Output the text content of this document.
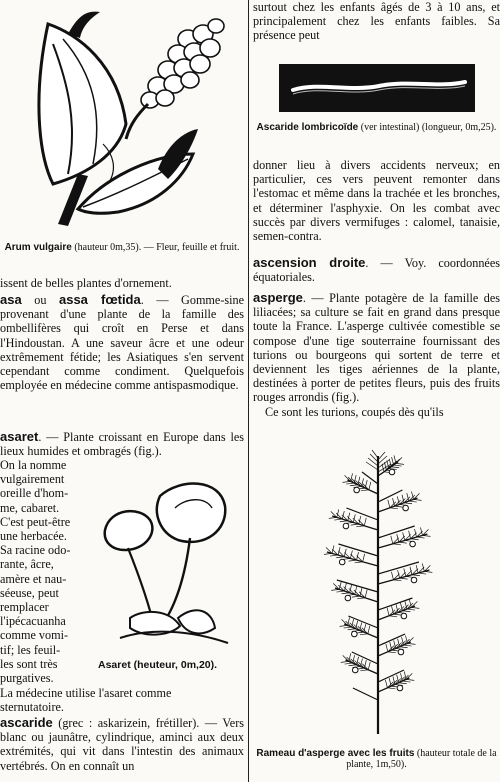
Arum vulgaire (hauteur 0m,35). — Fleur, feuille et fruit.

issent de belles plantes d'ornement.

asa ou assa fœtida. — Gomme-sine provenant d'une plante de la famille des ombellifères qui croît en Perse et dans l'Hindoustan. A une saveur âcre et une odeur extrêmement fétide; les Asiatiques s'en servent cependant comme condiment. Quelquefois employée en médecine comme antispasmodique.

asaret. — Plante croissant en Europe dans les lieux humides et ombragés (fig.).

On la nomme

vulgairement

oreille d'hom-

me, cabaret.

C'est peut-être

une herbacée.

Sa racine odo-

rante, âcre,

amère et nau-

séeuse, peut

remplacer

l'ipécacuanha

comme vomi-

tif; les feuil-

les sont très

purgatives.

Asaret (heuteur, 0m,20).

La médecine utilise l'asaret comme

sternutatoire.

ascaride (grec : askarizein, frétiller). — Vers blanc ou jaunâtre, cylindrique, aminci aux deux extrémités, qui vit dans l'intestin des animaux vertébrés. On en connaît un

surtout chez les enfants âgés de 3 à 10 ans, et principalement chez les enfants faibles. Sa présence peut

Ascaride lombricoïde (ver intestinal) (longueur, 0m,25).

donner lieu à divers accidents nerveux; en particulier, ces vers peuvent remonter dans l'estomac et même dans la trachée et les bronches, et déterminer l'asphyxie. On les combat avec succès par divers vermifuges : calomel, tanaisie, semen-contra.

ascension droite. — Voy. coordonnées équatoriales.

asperge. — Plante potagère de la famille des liliacées; sa culture se fait en grand dans presque toute la France. L'asperge cultivée comestible se compose d'une tige souterraine fournissant des turions ou bourgeons qui sortent de terre et deviennent les tiges aériennes de la plante, destinées à porter de petites fleurs, puis des fruits rouges arrondis (fig.).

Ce sont les turions, coupés dès qu'ils

Rameau d'asperge avec les fruits (hauteur totale de la plante, 1m,50).
